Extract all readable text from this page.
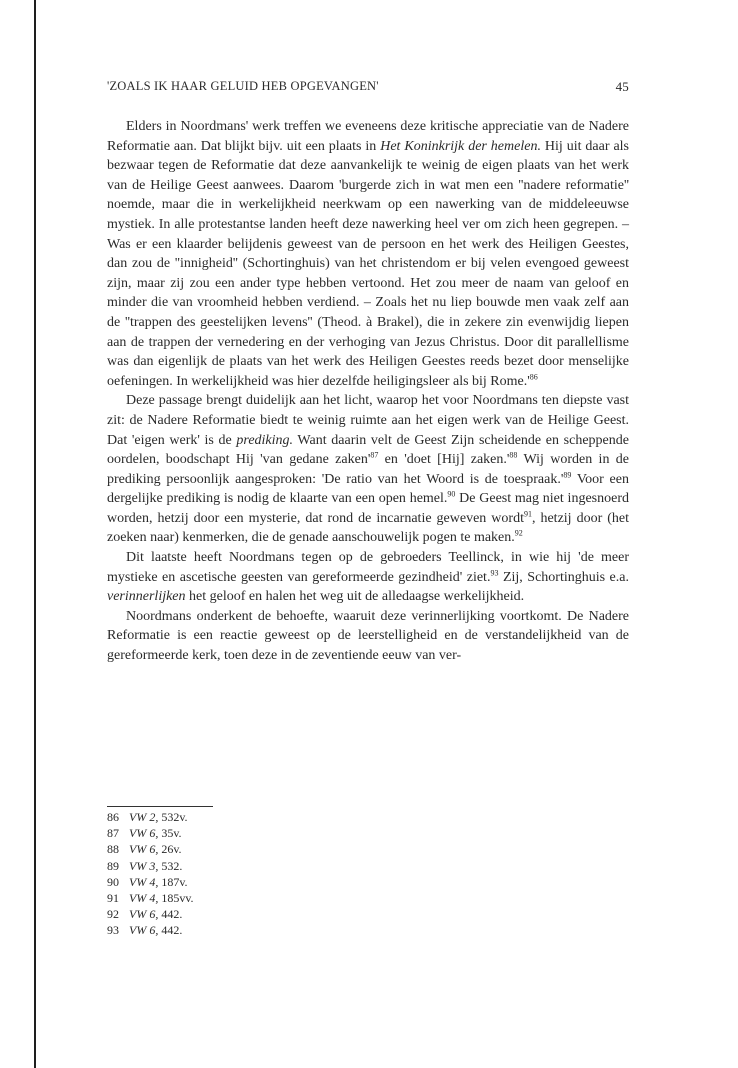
'ZOALS IK HAAR GELUID HEB OPGEVANGEN'	45

Elders in Noordmans' werk treffen we eveneens deze kritische appreciatie van de Nadere Reformatie aan. Dat blijkt bijv. uit een plaats in Het Koninkrijk der hemelen. Hij uit daar als bezwaar tegen de Reformatie dat deze aanvankelijk te weinig de eigen plaats van het werk van de Heilige Geest aanwees. Daarom 'burgerde zich in wat men een ''nadere reformatie'' noemde, maar die in werkelijkheid neerkwam op een nawerking van de middeleeuwse mystiek. In alle protestantse landen heeft deze nawerking heel ver om zich heen gegrepen. – Was er een klaarder belijdenis geweest van de persoon en het werk des Heiligen Geestes, dan zou de ''innigheid'' (Schortinghuis) van het christendom er bij velen evengoed geweest zijn, maar zij zou een ander type hebben vertoond. Het zou meer de naam van geloof en minder die van vroomheid hebben verdiend. – Zoals het nu liep bouwde men vaak zelf aan de ''trappen des geestelijken levens'' (Theod. à Brakel), die in zekere zin evenwijdig liepen aan de trappen der vernedering en der verhoging van Jezus Christus. Door dit parallellisme was dan eigenlijk de plaats van het werk des Heiligen Geestes reeds bezet door menselijke oefeningen. In werkelijkheid was hier dezelfde heiligingsleer als bij $Rome.'^{86}$

Deze passage brengt duidelijk aan het licht, waarop het voor Noordmans ten diepste vast zit: de Nadere Reformatie biedt te weinig ruimte aan het eigen werk van de Heilige Geest. Dat 'eigen werk' is de prediking. Want daarin velt de Geest Zijn scheidende en scheppende oordelen, boodschapt Hij 'van gedane $zaken'^{87}$ en 'doet [Hij] $zaken.'^{88}$ Wij worden in de prediking persoonlijk aangesproken: 'De ratio van het Woord is de $toespraak.'^{89}$ Voor een dergelijke prediking is nodig de klaarte van een open hemel.$^{90}$ De Geest mag niet ingesnoerd worden, hetzij door een mysterie, dat rond de incarnatie geweven wordt$^{91}$, hetzij door (het zoeken naar) kenmerken, die de genade aanschouwelijk pogen te maken.$^{92}$

Dit laatste heeft Noordmans tegen op de gebroeders Teellinck, in wie hij 'de meer mystieke en ascetische geesten van gereformeerde gezindheid' ziet.$^{93}$ Zij, Schortinghuis e.a. verinnerlijken het geloof en halen het weg uit de alledaagse werkelijkheid.

Noordmans onderkent de behoefte, waaruit deze verinnerlijking voortkomt. De Nadere Reformatie is een reactie geweest op de leerstelligheid en de verstandelijkheid van de gereformeerde kerk, toen deze in de zeventiende eeuw van ver-

86 VW 2, 532v.
87 VW 6, 35v.
88 VW 6, 26v.
89 VW 3, 532.
90 VW 4, 187v.
91 VW 4, 185vv.
92 VW 6, 442.
93 VW 6, 442.
